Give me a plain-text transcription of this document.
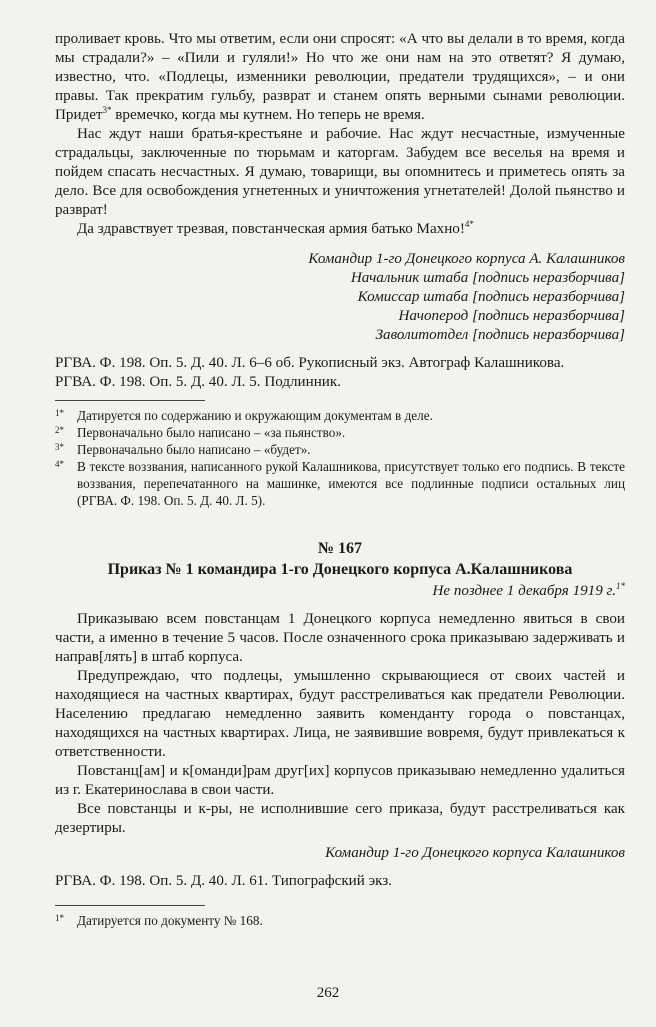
проливает кровь. Что мы ответим, если они спросят: «А что вы делали в то время, когда мы страдали?» – «Пили и гуляли!» Но что же они нам на это ответят? Я думаю, известно, что. «Подлецы, изменники революции, предатели трудящихся», – и они правы. Так прекратим гульбу, разврат и станем опять верными сынами революции. Придет$^{3*}$ времечко, когда мы кутнем. Но теперь не время.

Нас ждут наши братья-крестьяне и рабочие. Нас ждут несчастные, измученные страдальцы, заключенные по тюрьмам и каторгам. Забудем все веселья на время и пойдем спасать несчастных. Я думаю, товарищи, вы опомнитесь и приметесь опять за дело. Все для освобождения угнетенных и уничтожения угнетателей! Долой пьянство и разврат!

Да здравствует трезвая, повстанческая армия батько Махно!$^{4*}$

Командир 1-го Донецкого корпуса А. Калашников
Начальник штаба [подпись неразборчива]
Комиссар штаба [подпись неразборчива]
Начоперод [подпись неразборчива]
Заволитотдел [подпись неразборчива]
РГВА. Ф. 198. Оп. 5. Д. 40. Л. 6–6 об. Рукописный экз. Автограф Калашникова.
РГВА. Ф. 198. Оп. 5. Д. 40. Л. 5. Подлинник.
1* Датируется по содержанию и окружающим документам в деле.
2* Первоначально было написано – «за пьянство».
3* Первоначально было написано – «будет».
4* В тексте воззвания, написанного рукой Калашникова, присутствует только его подпись. В тексте воззвания, перепечатанного на машинке, имеются все подлинные подписи остальных лиц (РГВА. Ф. 198. Оп. 5. Д. 40. Л. 5).
№ 167
Приказ № 1 командира 1-го Донецкого корпуса А.Калашникова
Не позднее 1 декабря 1919 г.$^{1*}$

Приказываю всем повстанцам 1 Донецкого корпуса немедленно явиться в свои части, а именно в течение 5 часов. После означенного срока приказываю задерживать и направ[лять] в штаб корпуса.

Предупреждаю, что подлецы, умышленно скрывающиеся от своих частей и находящиеся на частных квартирах, будут расстреливаться как предатели Революции. Населению предлагаю немедленно заявить коменданту города о повстанцах, находящихся на частных квартирах. Лица, не заявившие вовремя, будут привлекаться к ответственности.

Повстанц[ам] и к[оманди]рам друг[их] корпусов приказываю немедленно удалиться из г. Екатеринослава в свои части.

Все повстанцы и к-ры, не исполнившие сего приказа, будут расстреливаться как дезертиры.

Командир 1-го Донецкого корпуса Калашников
РГВА. Ф. 198. Оп. 5. Д. 40. Л. 61. Типографский экз.
1* Датируется по документу № 168.
262
